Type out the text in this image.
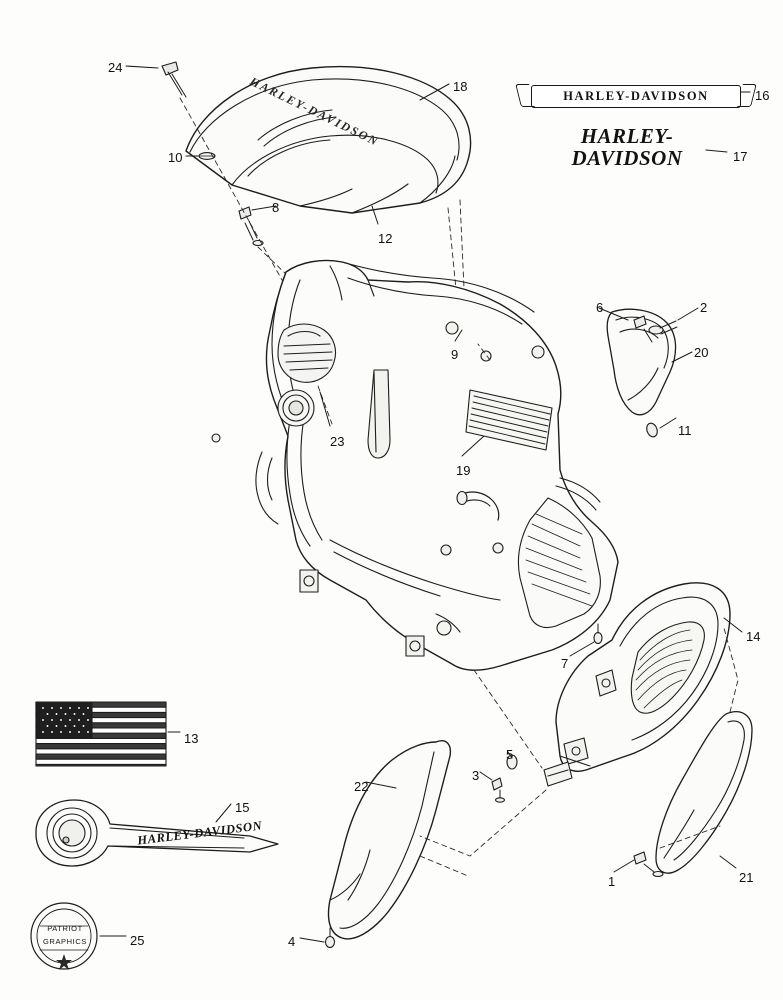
HARLEY-DAVIDSON	HARLEY-DAVIDSON
HARLEY-
DAVIDSON
HARLEY-DAVIDSON
PATRIOT
GRAPHICS
24
18
16
10	17
8
12
6	2
9	20
11
23
19
14
7
13
5
3
22
15
1	21
4
25
